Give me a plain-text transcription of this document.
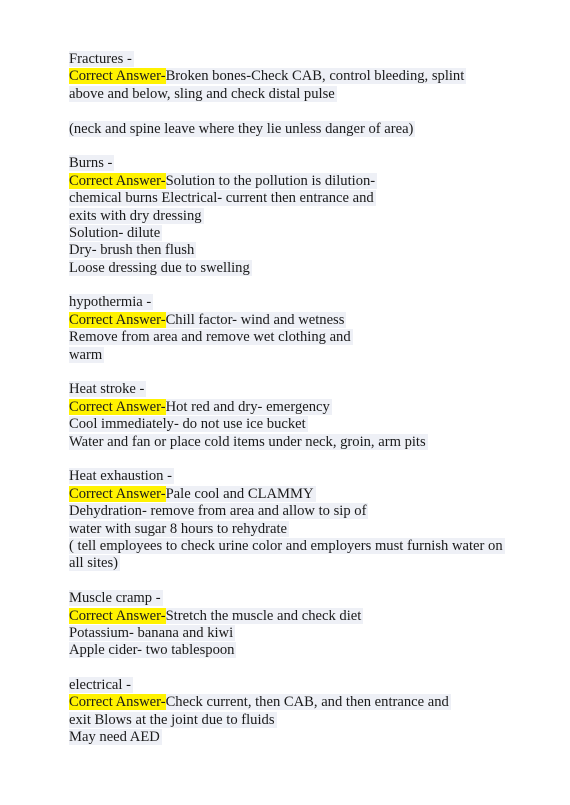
Fractures -
Correct Answer-Broken bones-Check CAB, control bleeding, splint
above and below, sling and check distal pulse
(neck and spine leave where they lie unless danger of area)
Burns -
Correct Answer-Solution to the pollution is dilution-
chemical burns Electrical- current then entrance and
exits with dry dressing
Solution- dilute
Dry- brush then flush
Loose dressing due to swelling
hypothermia -
Correct Answer-Chill factor- wind and wetness
Remove from area and remove wet clothing and
warm
Heat stroke -
Correct Answer-Hot red and dry- emergency
Cool immediately- do not use ice bucket
Water and fan or place cold items under neck, groin, arm pits
Heat exhaustion -
Correct Answer-Pale cool and CLAMMY
Dehydration- remove from area and allow to sip of
water with sugar 8 hours to rehydrate
( tell employees to check urine color and employers must furnish water on
all sites)
Muscle cramp -
Correct Answer-Stretch the muscle and check diet
Potassium- banana and kiwi
Apple cider- two tablespoon
electrical -
Correct Answer-Check current, then CAB, and then entrance and
exit Blows at the joint due to fluids
May need AED
